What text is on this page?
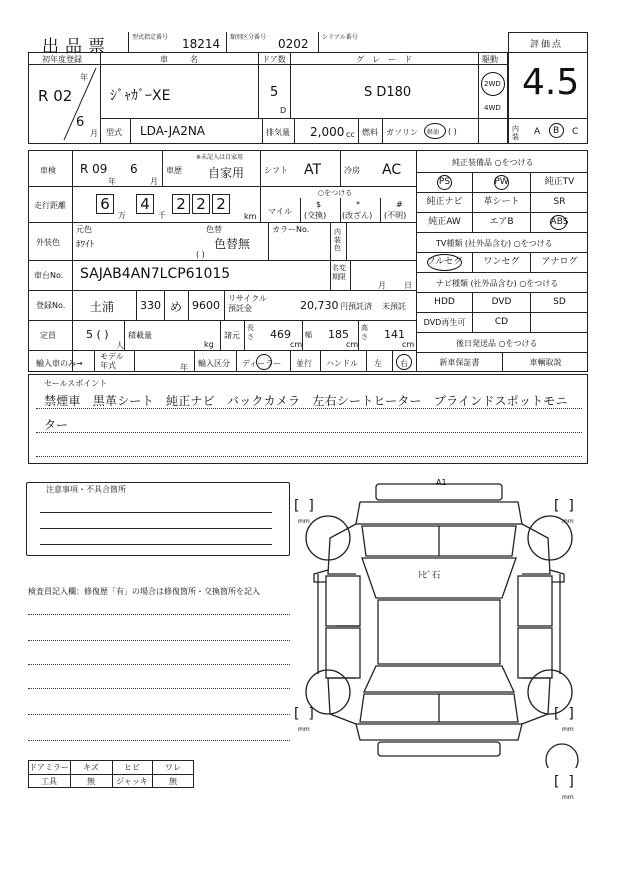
出品票	型式指定番号 18214 類別区分番号 0202 シリアル番号
評価点
4.5
初年度登録
R 02
年
6
月
車名
ｼﾞｬｶﾞｰXE
ドア数
5
D
グレード
S D180
駆動
2WD
4WD
型式 LDA-JA2NA	排気量 2,000 cc 燃料 ガソリン 軽油 ( )	内装	A B C
車検 R 09
年
6
月
車歴
※未記入は自家用
自家用 シフト AT	冷房 AC
走行距離 6
万
4
千
2 2 2
km
○をつける
マイル
$
(交換)
*
(改ざん)
#
(不明)
外装色
元色
ﾎﾜｲﾄ
色替
色替無
( )
カラーNo.	内装色
車台No. SAJAB4AN7LCP61015	名変期限
月 日
登録No. 土浦 330 め 9600
リサイクル預託金	20,730 円預託済 未預託
定員	5 ( )
人
積載量
kg
諸元
長さ 469
cm
幅 185
cm
高さ 141
cm
輸入車のみ→
モデル年式	年 輸入区分 ディーラー 並行 ハンドル 左 右
純正装備品 ○をつける
PS	PW	純正TV
純正ナビ	革シート	SR
純正AW	エアB	ABS
TV種類 (社外品含む) ○をつける
フルセグ	ワンセグ	アナログ
ナビ種類 (社外品含む) ○をつける
HDD	DVD	SD
DVD再生可	CD
後日発送品 ○をつける
新車保証書	車輌取説
セールスポイント
禁煙車　黒革シート　純正ナビ　バックカメラ　左右シートヒーター　ブラインドスポットモニ
ター
注意事項・不具合箇所
検査員記入欄：修復歴「有」の場合は修復箇所・交換箇所を記入
[  ]
mm
[  ]
mm
[  ]
mm
[  ]
mm
[  ]
mm
A1
ﾄﾋﾞ石
ドアミラー	キズ	ヒビ	ワレ
工具	無	ジャッキ	無
